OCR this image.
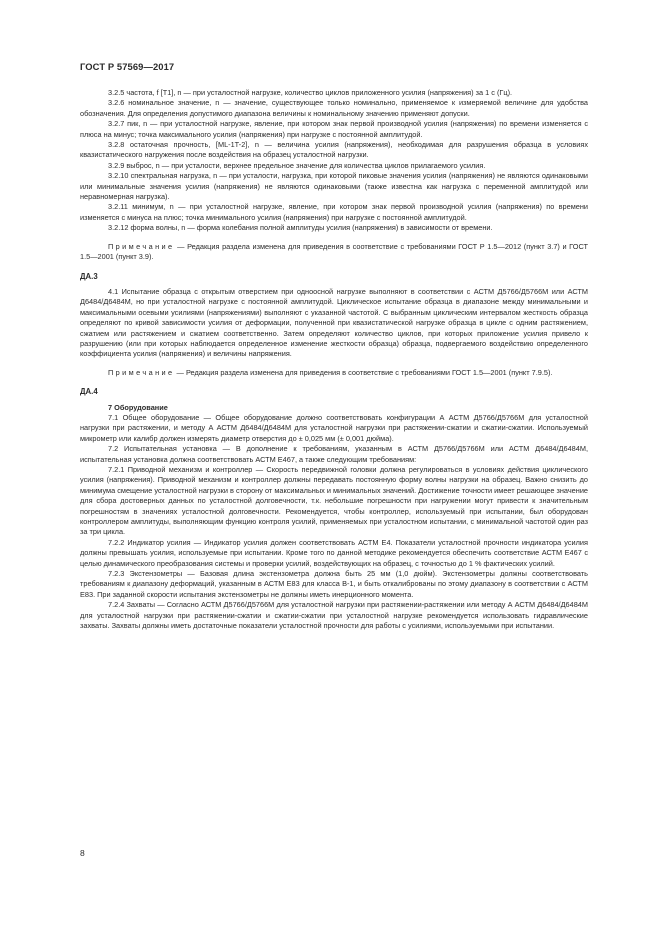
ГОСТ Р 57569—2017

3.2.5 частота, f [T1], n — при усталостной нагрузке, количество циклов приложенного усилия (напряжения) за 1 с (Гц).

3.2.6 номинальное значение, n — значение, существующее только номинально, применяемое к измеряемой величине для удобства обозначения. Для определения допустимого диапазона величины к номинальному значению применяют допуски.

3.2.7 пик, n — при усталостной нагрузке, явление, при котором знак первой производной усилия (напряжения) по времени изменяется с плюса на минус; точка максимального усилия (напряжения) при нагрузке с постоянной амплитудой.

3.2.8 остаточная прочность, [ML-1T-2], n — величина усилия (напряжения), необходимая для разрушения образца в условиях квазистатического нагружения после воздействия на образец усталостной нагрузки.

3.2.9 выброс, n — при усталости, верхнее предельное значение для количества циклов прилагаемого усилия.

3.2.10 спектральная нагрузка, n — при усталости, нагрузка, при которой пиковые значения усилия (напряжения) не являются одинаковыми или минимальные значения усилия (напряжения) не являются одинаковыми (также известна как нагрузка с переменной амплитудой или неравномерная нагрузка).

3.2.11 минимум, n — при усталостной нагрузке, явление, при котором знак первой производной усилия (напряжения) по времени изменяется с минуса на плюс; точка минимального усилия (напряжения) при нагрузке с постоянной амплитудой.

3.2.12 форма волны, n — форма колебания полной амплитуды усилия (напряжения) в зависимости от времени.

Примечание — Редакция раздела изменена для приведения в соответствие с требованиями ГОСТ Р 1.5—2012 (пункт 3.7) и ГОСТ 1.5—2001 (пункт 3.9).

ДА.3

4.1 Испытание образца с открытым отверстием при одноосной нагрузке выполняют в соответствии с АСТМ Д5766/Д5766М или АСТМ Д6484/Д6484М, но при усталостной нагрузке с постоянной амплитудой. Циклическое испытание образца в диапазоне между минимальными и максимальными осевыми усилиями (напряжениями) выполняют с указанной частотой. С выбранным циклическим интервалом жесткость образца определяют по кривой зависимости усилия от деформации, полученной при квазистатической нагрузке образца в цикле с одним растяжением, сжатием или растяжением и сжатием соответственно. Затем определяют количество циклов, при которых приложение усилия привело к разрушению (или при которых наблюдается определенное изменение жесткости образца) образца, подвергаемого воздействию определенного коэффициента усилия (напряжения) и величины напряжения.

Примечание — Редакция раздела изменена для приведения в соответствие с требованиями ГОСТ 1.5—2001 (пункт 7.9.5).

ДА.4

7 Оборудование

7.1 Общее оборудование — Общее оборудование должно соответствовать конфигурации А АСТМ Д5766/Д5766М для усталостной нагрузки при растяжении, и методу А АСТМ Д6484/Д6484М для усталостной нагрузки при растяжении-сжатии и сжатии-сжатии. Используемый микрометр или калибр должен измерять диаметр отверстия до ± 0,025 мм (± 0,001 дюйма).

7.2 Испытательная установка — В дополнение к требованиям, указанным в АСТМ Д5766/Д5766М или АСТМ Д6484/Д6484М, испытательная установка должна соответствовать АСТМ Е467, а также следующим требованиям:

7.2.1 Приводной механизм и контроллер — Скорость передвижной головки должна регулироваться в условиях действия циклического усилия (напряжения). Приводной механизм и контроллер должны передавать постоянную форму волны нагрузки на образец. Важно снизить до минимума смещение усталостной нагрузки в сторону от максимальных и минимальных значений. Достижение точности имеет решающее значение для сбора достоверных данных по усталостной долговечности, т.к. небольшие погрешности при нагружении могут привести к значительным погрешностям в значениях усталостной долговечности. Рекомендуется, чтобы контроллер, используемый при испытании, был оборудован контроллером амплитуды, выполняющим функцию контроля усилий, применяемых при усталостном испытании, с минимальной частотой один раз за три цикла.

7.2.2 Индикатор усилия — Индикатор усилия должен соответствовать АСТМ Е4. Показатели усталостной прочности индикатора усилия должны превышать усилия, используемые при испытании. Кроме того по данной методике рекомендуется обеспечить соответствие АСТМ Е467 с целью динамического преобразования системы и проверки усилий, воздействующих на образец, с точностью до 1 % фактических усилий.

7.2.3 Экстензометры — Базовая длина экстензометра должна быть 25 мм (1,0 дюйм). Экстензометры должны соответствовать требованиям к диапазону деформаций, указанным в АСТМ Е83 для класса В-1, и быть откалиброваны по этому диапазону в соответствии с АСТМ Е83. При заданной скорости испытания экстензометры не должны иметь инерционного момента.

7.2.4 Захваты — Согласно АСТМ Д5766/Д5766М для усталостной нагрузки при растяжении-растяжении или методу А АСТМ Д6484/Д6484М для усталостной нагрузки при растяжении-сжатии и сжатии-сжатии при усталостной нагрузке рекомендуется использовать гидравлические захваты. Захваты должны иметь достаточные показатели усталостной прочности для работы с усилиями, используемыми при испытании.

8
